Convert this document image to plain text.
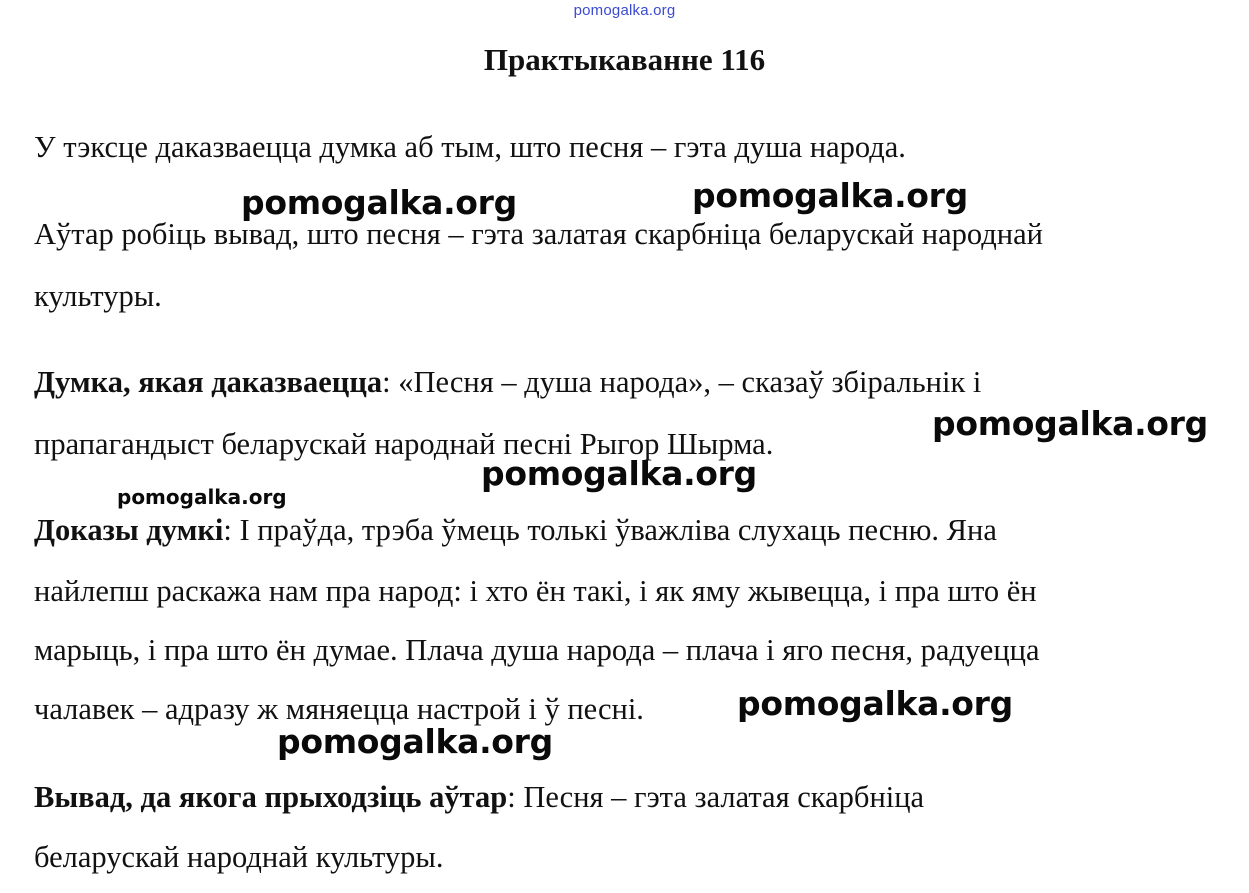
pomogalka.org
Практыкаванне 116
У тэксце даказваецца думка аб тым, што песня – гэта душа народа.
Аўтар робіць вывад, што песня – гэта залатая скарбніца беларускай народнай
культуры.
Думка, якая даказваецца: «Песня – душа народа», – сказаў збіральнік і
прапагандыст беларускай народнай песні Рыгор Шырма.
Доказы думкі: І праўда, трэба ўмець толькі ўважліва слухаць песню. Яна
найлепш раскажа нам пра народ: і хто ён такі, і як яму жывецца, і пра што ён
марыць, і пра што ён думае. Плача душа народа – плача і яго песня, радуецца
чалавек – адразу ж мяняецца настрой і ў песні.
Вывад, да якога прыходзіць аўтар: Песня – гэта залатая скарбніца
беларускай народнай культуры.
pomogalka.org	pomogalka.org
pomogalka.org
pomogalka.org
pomogalka.org
pomogalka.org
pomogalka.org
